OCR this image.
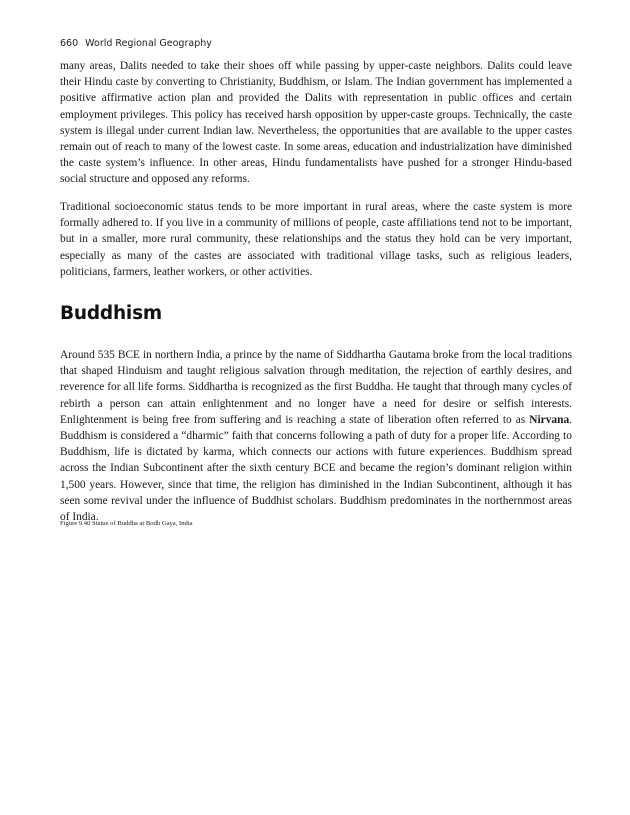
660 World Regional Geography

many areas, Dalits needed to take their shoes off while passing by upper-caste neighbors. Dalits could leave their Hindu caste by converting to Christianity, Buddhism, or Islam. The Indian government has implemented a positive affirmative action plan and provided the Dalits with representation in public offices and certain employment privileges. This policy has received harsh opposition by upper-caste groups. Technically, the caste system is illegal under current Indian law. Nevertheless, the opportunities that are available to the upper castes remain out of reach to many of the lowest caste. In some areas, education and industrialization have diminished the caste system’s influence. In other areas, Hindu fundamentalists have pushed for a stronger Hindu-based social structure and opposed any reforms.

Traditional socioeconomic status tends to be more important in rural areas, where the caste system is more formally adhered to. If you live in a community of millions of people, caste affiliations tend not to be important, but in a smaller, more rural community, these relationships and the status they hold can be very important, especially as many of the castes are associated with traditional village tasks, such as religious leaders, politicians, farmers, leather workers, or other activities.

Buddhism

Around 535 BCE in northern India, a prince by the name of Siddhartha Gautama broke from the local traditions that shaped Hinduism and taught religious salvation through meditation, the rejection of earthly desires, and reverence for all life forms. Siddhartha is recognized as the first Buddha. He taught that through many cycles of rebirth a person can attain enlightenment and no longer have a need for desire or selfish interests. Enlightenment is being free from suffering and is reaching a state of liberation often referred to as Nirvana. Buddhism is considered a “dharmic” faith that concerns following a path of duty for a proper life. According to Buddhism, life is dictated by karma, which connects our actions with future experiences. Buddhism spread across the Indian Subcontinent after the sixth century BCE and became the region’s dominant religion within 1,500 years. However, since that time, the religion has diminished in the Indian Subcontinent, although it has seen some revival under the influence of Buddhist scholars. Buddhism predominates in the northernmost areas of India.

Figure 9.40 Statue of Buddha at Bodh Gaya, India
